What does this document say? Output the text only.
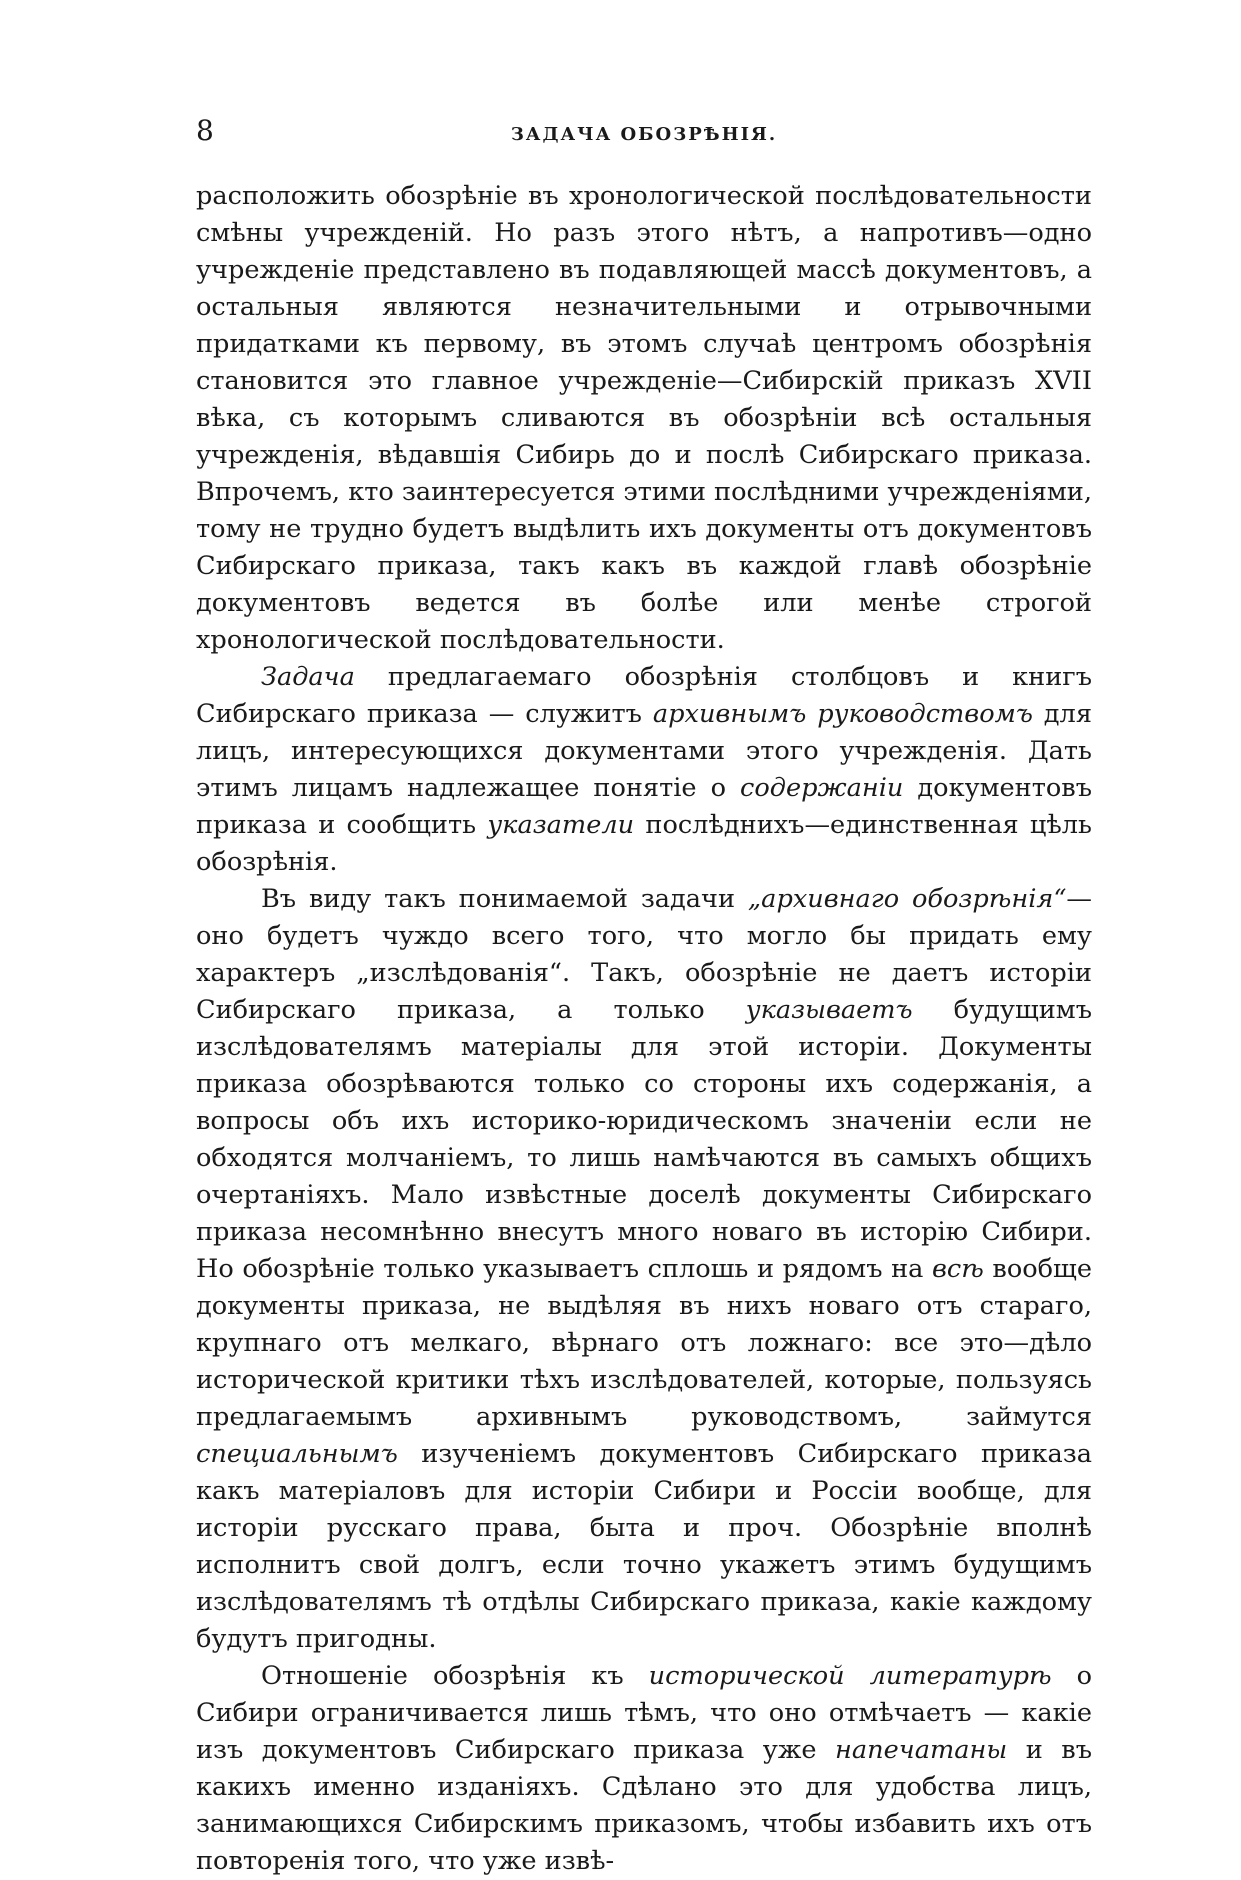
8	ЗАДАЧА ОБОЗРѢНІЯ.

расположить обозрѣніе въ хронологической послѣдовательности смѣны учрежденій. Но разъ этого нѣтъ, а напротивъ—одно учрежденіе представлено въ подавляющей массѣ документовъ, а остальныя являются незначительными и отрывочными придатками къ первому, въ этомъ случаѣ центромъ обозрѣнія становится это главное учрежденіе—Сибирскій приказъ XVII вѣка, съ которымъ сливаются въ обозрѣніи всѣ остальныя учрежденія, вѣдавшія Сибирь до и послѣ Сибирскаго приказа. Впрочемъ, кто заинтересуется этими послѣдними учрежденіями, тому не трудно будетъ выдѣлить ихъ документы отъ документовъ Сибирскаго приказа, такъ какъ въ каждой главѣ обозрѣніе документовъ ведется въ болѣе или менѣе строгой хронологической послѣдовательности.

Задача предлагаемаго обозрѣнія столбцовъ и книгъ Сибирскаго приказа — служитъ архивнымъ руководствомъ для лицъ, интересующихся документами этого учрежденія. Дать этимъ лицамъ надлежащее понятіе о содержаніи документовъ приказа и сообщить указатели послѣднихъ—единственная цѣль обозрѣнія.

Въ виду такъ понимаемой задачи „архивнаго обозрѣнія“—оно будетъ чуждо всего того, что могло бы придать ему характеръ „изслѣдованія“. Такъ, обозрѣніе не даетъ исторіи Сибирскаго приказа, а только указываетъ будущимъ изслѣдователямъ матеріалы для этой исторіи. Документы приказа обозрѣваются только со стороны ихъ содержанія, а вопросы объ ихъ историко-юридическомъ значеніи если не обходятся молчаніемъ, то лишь намѣчаются въ самыхъ общихъ очертаніяхъ. Мало извѣстные доселѣ документы Сибирскаго приказа несомнѣнно внесутъ много новаго въ исторію Сибири. Но обозрѣніе только указываетъ сплошь и рядомъ на всѣ вообще документы приказа, не выдѣляя въ нихъ новаго отъ стараго, крупнаго отъ мелкаго, вѣрнаго отъ ложнаго: все это—дѣло исторической критики тѣхъ изслѣдователей, которые, пользуясь предлагаемымъ архивнымъ руководствомъ, займутся специальнымъ изученіемъ документовъ Сибирскаго приказа какъ матеріаловъ для исторіи Сибири и Россіи вообще, для исторіи русскаго права, быта и проч. Обозрѣніе вполнѣ исполнитъ свой долгъ, если точно укажетъ этимъ будущимъ изслѣдователямъ тѣ отдѣлы Сибирскаго приказа, какіе каждому будутъ пригодны.

Отношеніе обозрѣнія къ исторической литературѣ о Сибири ограничивается лишь тѣмъ, что оно отмѣчаетъ — какіе изъ документовъ Сибирскаго приказа уже напечатаны и въ какихъ именно изданіяхъ. Сдѣлано это для удобства лицъ, занимающихся Сибирскимъ приказомъ, чтобы избавить ихъ отъ повторенія того, что уже извѣ-
